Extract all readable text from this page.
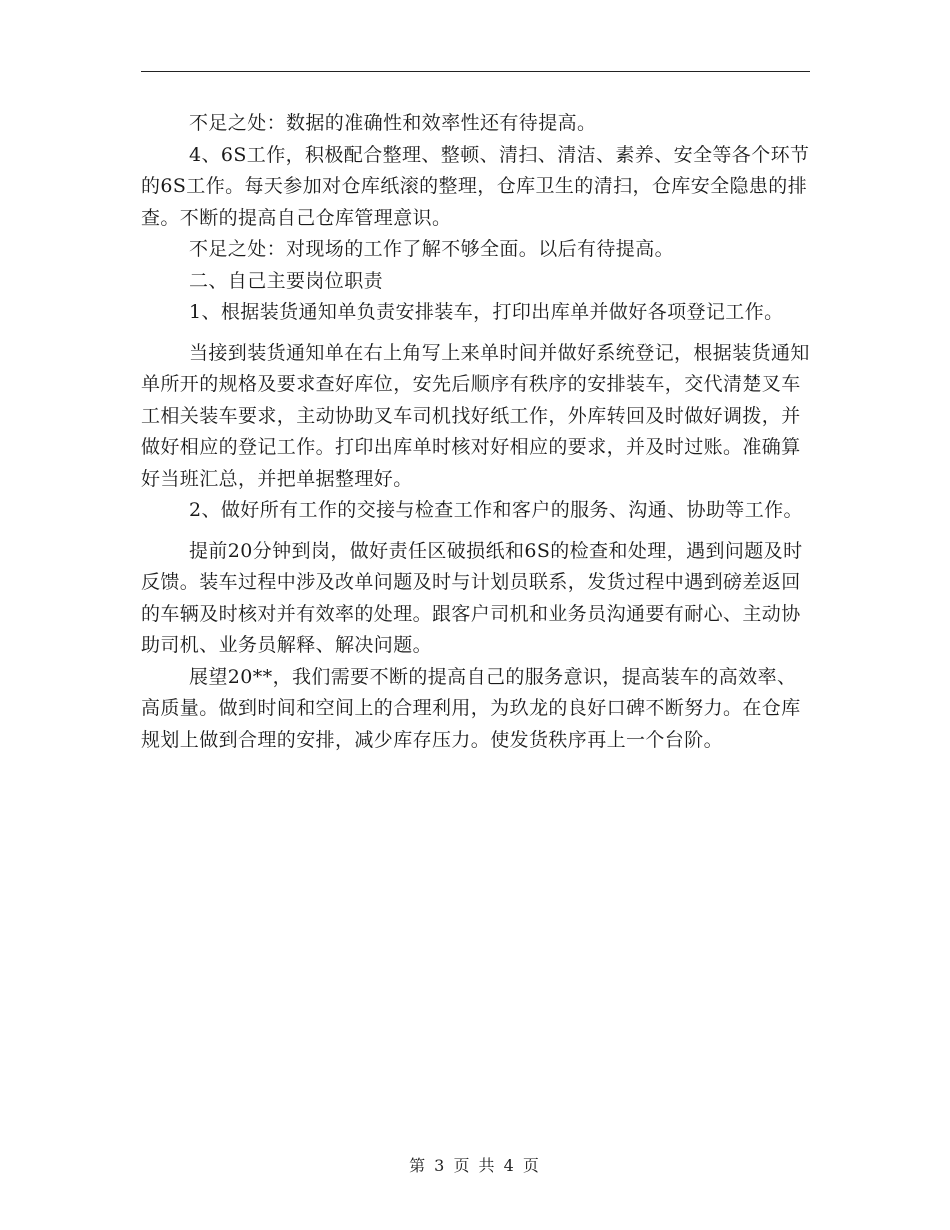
不足之处：数据的准确性和效率性还有待提高。

4、6S工作，积极配合整理、整顿、清扫、清洁、素养、安全等各个环节的6S工作。每天参加对仓库纸滚的整理，仓库卫生的清扫，仓库安全隐患的排查。不断的提高自己仓库管理意识。

不足之处：对现场的工作了解不够全面。以后有待提高。

二、自己主要岗位职责

1、根据装货通知单负责安排装车，打印出库单并做好各项登记工作。

当接到装货通知单在右上角写上来单时间并做好系统登记，根据装货通知单所开的规格及要求查好库位，安先后顺序有秩序的安排装车，交代清楚叉车工相关装车要求，主动协助叉车司机找好纸工作，外库转回及时做好调拨，并做好相应的登记工作。打印出库单时核对好相应的要求，并及时过账。准确算好当班汇总，并把单据整理好。

2、做好所有工作的交接与检查工作和客户的服务、沟通、协助等工作。

提前20分钟到岗，做好责任区破损纸和6S的检查和处理，遇到问题及时反馈。装车过程中涉及改单问题及时与计划员联系，发货过程中遇到磅差返回的车辆及时核对并有效率的处理。跟客户司机和业务员沟通要有耐心、主动协助司机、业务员解释、解决问题。

展望20**，我们需要不断的提高自己的服务意识，提高装车的高效率、高质量。做到时间和空间上的合理利用，为玖龙的良好口碑不断努力。在仓库规划上做到合理的安排，减少库存压力。使发货秩序再上一个台阶。

第 3 页 共 4 页
